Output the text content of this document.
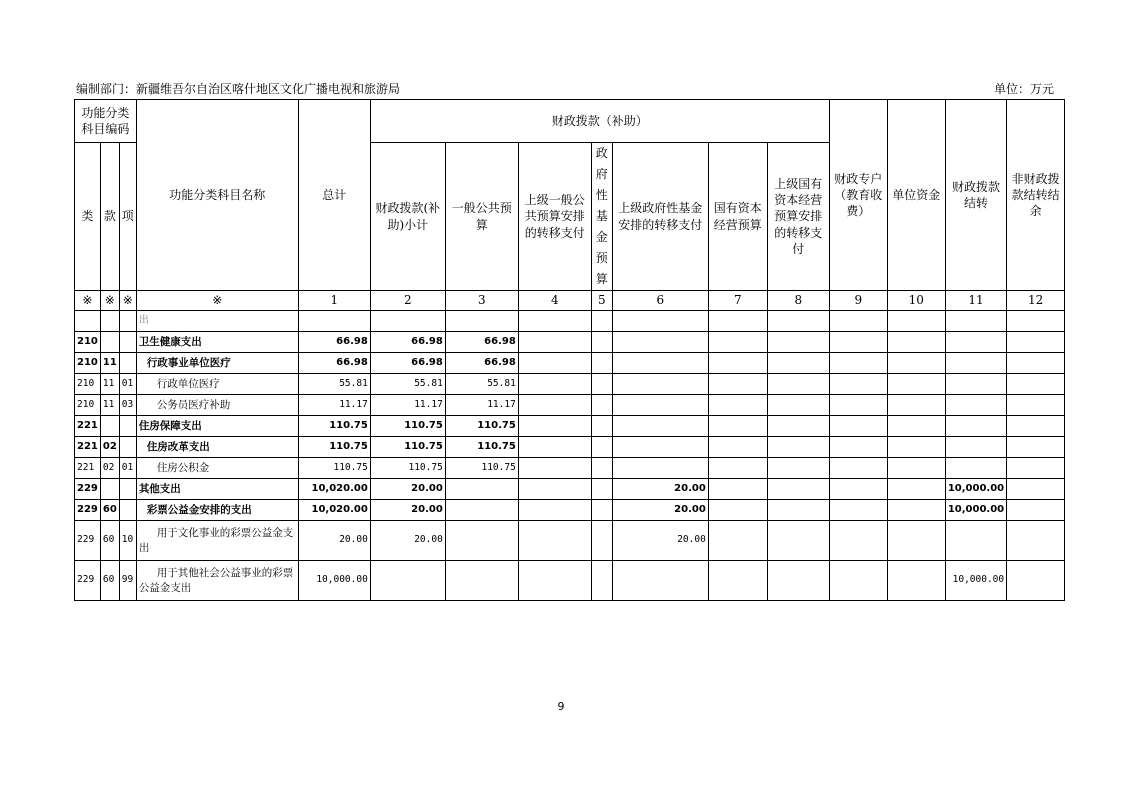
编制部门：新疆维吾尔自治区喀什地区文化广播电视和旅游局	单位：万元
功能分类科目编码			功能分类科目名称	总计	财政拨款（补助）							财政专户（教育收费）	单位资金	财政拨款结转	非财政拨款结转结余
类	款	项			财政拨款(补助)小计	一般公共预算	上级一般公共预算安排的转移支付	政府性基金预算	上级政府性基金安排的转移支付	国有资本经营预算	上级国有资本经营预算安排的转移支付				
※	※	※	※	1	2	3	4	5	6	7	8	9	10	11	12
			出												
210			卫生健康支出	66.98	66.98	66.98									
210	11		行政事业单位医疗	66.98	66.98	66.98									
210	11	01	行政单位医疗	55.81	55.81	55.81									
210	11	03	公务员医疗补助	11.17	11.17	11.17									
221			住房保障支出	110.75	110.75	110.75									
221	02		住房改革支出	110.75	110.75	110.75									
221	02	01	住房公积金	110.75	110.75	110.75									
229			其他支出	10,020.00	20.00				20.00					10,000.00	
229	60		彩票公益金安排的支出	10,020.00	20.00				20.00					10,000.00	
229	60	10	用于文化事业的彩票公益金支出	20.00	20.00				20.00						
229	60	99	用于其他社会公益事业的彩票公益金支出	10,000.00										10,000.00	
9
